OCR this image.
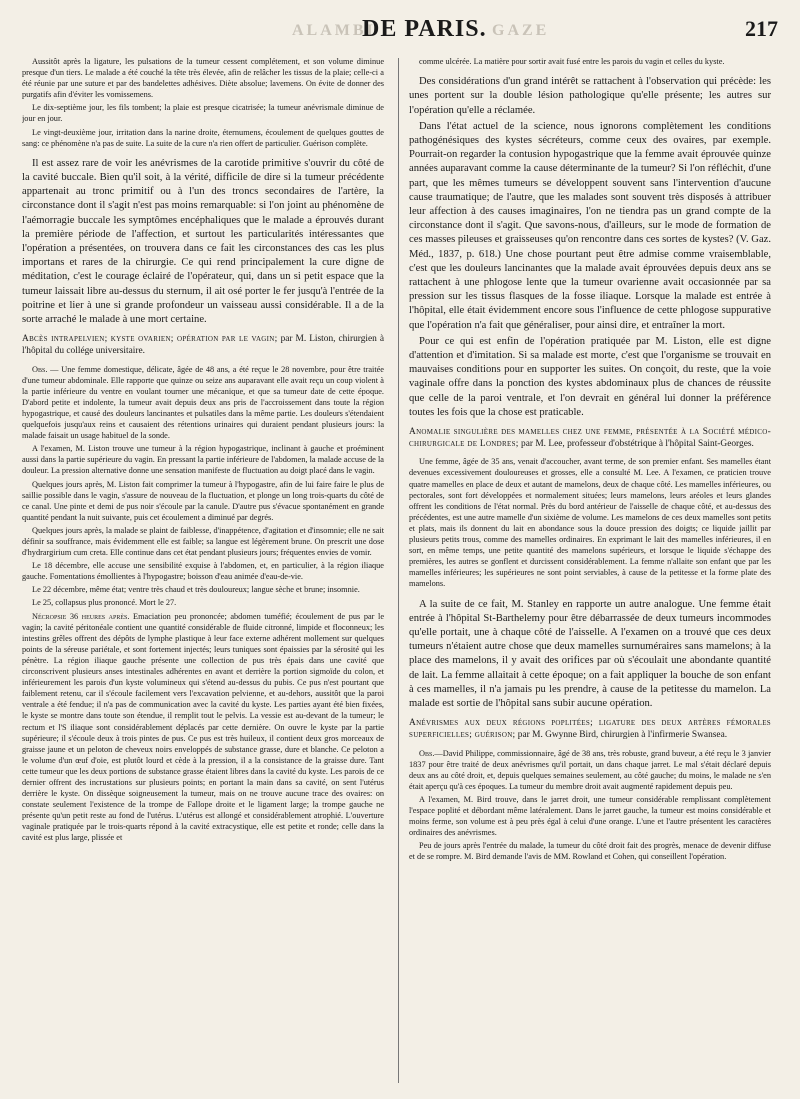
ALAMBI
DE PARIS. GAZE	217

Aussitôt après la ligature, les pulsations de la tumeur cessent complétement, et son volume diminue presque d'un tiers. Le malade a été couché la tête très élevée, afin de relâcher les tissus de la plaie; celle-ci a été réunie par une suture et par des bandelettes adhésives. Diète absolue; lavemens. On évite de donner des purgatifs afin d'éviter les vomissemens.

Le dix-septième jour, les fils tombent; la plaie est presque cicatrisée; la tumeur anévrismale diminue de jour en jour.

Le vingt-deuxième jour, irritation dans la narine droite, éternumens, écoulement de quelques gouttes de sang: ce phénomène n'a pas de suite. La suite de la cure n'a rien offert de particulier. Guérison complète.

Il est assez rare de voir les anévrismes de la carotide primitive s'ouvrir du côté de la cavité buccale. Bien qu'il soit, à la vérité, difficile de dire si la tumeur précédente appartenait au tronc primitif ou à l'un des troncs secondaires de l'artère, la circonstance dont il s'agit n'est pas moins remarquable: si l'on joint au phénomène de l'aémorragie buccale les symptômes encéphaliques que le malade a éprouvés durant la première période de l'affection, et surtout les particularités intéressantes que l'opération a présentées, on trouvera dans ce fait les circonstances des cas les plus importans et rares de la chirurgie. Ce qui rend principalement la cure digne de méditation, c'est le courage éclairé de l'opérateur, qui, dans un si petit espace que la tumeur laissait libre au-dessus du sternum, il ait osé porter le fer jusqu'à l'entrée de la poitrine et lier à une si grande profondeur un vaisseau aussi considérable. Il a de la sorte arraché le malade à une mort certaine.

Abcès intrapelvien; kyste ovarien; opération par le vagin; par M. Liston, chirurgien à l'hôpital du collége universitaire.

Obs. — Une femme domestique, délicate, âgée de 48 ans, a été reçue le 28 novembre, pour être traitée d'une tumeur abdominale. Elle rapporte que quinze ou seize ans auparavant elle avait reçu un coup violent à la partie inférieure du ventre en voulant tourner une mécanique, et que sa tumeur date de cette époque. D'abord petite et indolente, la tumeur avait depuis deux ans pris de l'accroissement dans toute la région hypogastrique, et causé des douleurs lancinantes et pulsatiles dans la même partie. Les douleurs s'étendaient quelquefois jusqu'aux reins et causaient des rétentions urinaires qui duraient pendant plusieurs jours: la malade faisait un usage habituel de la sonde.

A l'examen, M. Liston trouve une tumeur à la région hypogastrique, inclinant à gauche et proéminent aussi dans la partie supérieure du vagin. En pressant la partie inférieure de l'abdomen, la malade accuse de la douleur. La pression alternative donne une sensation manifeste de fluctuation au doigt placé dans le vagin.

Quelques jours après, M. Liston fait comprimer la tumeur à l'hypogastre, afin de lui faire faire le plus de saillie possible dans le vagin, s'assure de nouveau de la fluctuation, et plonge un long trois-quarts du côté de ce canal. Une pinte et demi de pus noir s'écoule par la canule. D'autre pus s'évacue spontanément en grande quantité pendant la nuit suivante, puis cet écoulement a diminué par degrés.

Quelques jours après, la malade se plaint de faiblesse, d'inappétence, d'agitation et d'insomnie; elle ne sait définir sa souffrance, mais évidemment elle est faible; sa langue est légèrement brune. On prescrit une dose d'hydrargirium cum creta. Elle continue dans cet état pendant plusieurs jours; fréquentes envies de vomir.

Le 18 décembre, elle accuse une sensibilité exquise à l'abdomen, et, en particulier, à la région iliaque gauche. Fomentations émollientes à l'hypogastre; boisson d'eau animée d'eau-de-vie.

Le 22 décembre, même état; ventre très chaud et très douloureux; langue sèche et brune; insomnie.

Le 25, collapsus plus prononcé. Mort le 27.

Nécropsie 36 heures après. Emaciation peu prononcée; abdomen tuméfié; écoulement de pus par le vagin; la cavité péritonéale contient une quantité considérable de fluide citronné, limpide et floconneux; les intestins grêles offrent des dépôts de lymphe plastique à leur face externe adhérent mollement sur quelques points de la séreuse pariétale, et sont fortement injectés; leurs tuniques sont épaissies par la sérosité qui les pénètre. La région iliaque gauche présente une collection de pus très épais dans une cavité que circonscrivent plusieurs anses intestinales adhérentes en avant et derrière la portion sigmoïde du colon, et inférieurement les parois d'un kyste volumineux qui s'étend au-dessus du pubis. Ce pus n'est pourtant que faiblement retenu, car il s'écoule facilement vers l'excavation pelvienne, et au-dehors, aussitôt que la paroi ventrale a été fendue; il n'a pas de communication avec la cavité du kyste. Les parties ayant été bien fixées, le kyste se montre dans toute son étendue, il remplit tout le pelvis. La vessie est au-devant de la tumeur; le rectum et l'S iliaque sont considérablement déplacés par cette dernière. On ouvre le kyste par la partie supérieure; il s'écoule deux à trois pintes de pus. Ce pus est très huileux, il contient deux gros morceaux de graisse jaune et un peloton de cheveux noirs enveloppés de substance grasse, dure et blanche. Ce peloton a le volume d'un œuf d'oie, est plutôt lourd et cède à la pression, il a la consistance de la graisse dure. Tant cette tumeur que les deux portions de substance grasse étaient libres dans la cavité du kyste. Les parois de ce dernier offrent des incrustations sur plusieurs points; en portant la main dans sa cavité, on sent l'utérus derrière le kyste. On dissèque soigneusement la tumeur, mais on ne trouve aucune trace des ovaires: on constate seulement l'existence de la trompe de Fallope droite et le ligament large; la trompe gauche ne présente qu'un petit reste au fond de l'utérus. L'utérus est allongé et considérablement atrophié. L'ouverture vaginale pratiquée par le trois-quarts répond à la cavité extracystique, elle est petite et ronde; celle dans la cavité est plus large, plissée et

comme ulcérée. La matière pour sortir avait fusé entre les parois du vagin et celles du kyste.

Des considérations d'un grand intérêt se rattachent à l'observation qui précède: les unes portent sur la double lésion pathologique qu'elle présente; les autres sur l'opération qu'elle a réclamée.

Dans l'état actuel de la science, nous ignorons complètement les conditions pathogénésiques des kystes sécréteurs, comme ceux des ovaires, par exemple. Pourrait-on regarder la contusion hypogastrique que la femme avait éprouvée quinze années auparavant comme la cause déterminante de la tumeur? Si l'on réfléchit, d'une part, que les mêmes tumeurs se développent souvent sans l'intervention d'aucune cause traumatique; de l'autre, que les malades sont souvent très disposés à attribuer leur affection à des causes imaginaires, l'on ne tiendra pas un grand compte de la circonstance dont il s'agit. Que savons-nous, d'ailleurs, sur le mode de formation de ces masses pileuses et graisseuses qu'on rencontre dans ces sortes de kystes? (V. Gaz. Méd., 1837, p. 618.) Une chose pourtant peut être admise comme vraisemblable, c'est que les douleurs lancinantes que la malade avait éprouvées depuis deux ans se rattachent à une phlogose lente que la tumeur ovarienne avait occasionnée par sa pression sur les tissus flasques de la fosse iliaque. Lorsque la malade est entrée à l'hôpital, elle était évidemment encore sous l'influence de cette phlogose suppurative que l'opération n'a fait que généraliser, pour ainsi dire, et entraîner la mort.

Pour ce qui est enfin de l'opération pratiquée par M. Liston, elle est digne d'attention et d'imitation. Si sa malade est morte, c'est que l'organisme se trouvait en mauvaises conditions pour en supporter les suites. On conçoit, du reste, que la voie vaginale offre dans la ponction des kystes abdominaux plus de chances de réussite que celle de la paroi ventrale, et l'on devrait en général lui donner la préférence toutes les fois que la chose est praticable.

Anomalie singulière des mamelles chez une femme, présentée à la Société médico-chirurgicale de Londres; par M. Lee, professeur d'obstétrique à l'hôpital Saint-Georges.

Une femme, âgée de 35 ans, venait d'accoucher, avant terme, de son premier enfant. Ses mamelles étant devenues excessivement douloureuses et grosses, elle a consulté M. Lee. A l'examen, ce praticien trouve quatre mamelles en place de deux et autant de mamelons, deux de chaque côté. Les mamelles inférieures, ou pectorales, sont fort développées et normalement situées; leurs mamelons, leurs aréoles et leurs glandes offrent les conditions de l'état normal. Près du bord antérieur de l'aisselle de chaque côté, et au-dessus des précédentes, est une autre mamelle d'un sixième de volume. Les mamelons de ces deux mamelles sont petits et plats, mais ils donnent du lait en abondance sous la douce pression des doigts; ce liquide jaillit par plusieurs petits trous, comme des mamelles ordinaires. En exprimant le lait des mamelles inférieures, il en sort, en même temps, une petite quantité des mamelons supérieurs, et lorsque le liquide s'échappe des premières, les autres se gonflent et durcissent considérablement. La femme n'allaite son enfant que par les mamelles inférieures; les supérieures ne sont point serviables, à cause de la petitesse et la forme plate des mamelons.

A la suite de ce fait, M. Stanley en rapporte un autre analogue. Une femme était entrée à l'hôpital St-Barthelemy pour être débarrassée de deux tumeurs incommodes qu'elle portait, une à chaque côté de l'aisselle. A l'examen on a trouvé que ces deux tumeurs n'étaient autre chose que deux mamelles surnuméraires sans mamelons; à la place des mamelons, il y avait des orifices par où s'écoulait une abondante quantité de lait. La femme allaitait à cette époque; on a fait appliquer la bouche de son enfant à ces mamelles, il n'a jamais pu les prendre, à cause de la petitesse du mamelon. La malade est sortie de l'hôpital sans subir aucune opération.

Anévrismes aux deux régions poplitées; ligature des deux artères fémorales superficielles; guérison; par M. Gwynne Bird, chirurgien à l'infirmerie Swansea.

Obs.—David Philippe, commissionnaire, âgé de 38 ans, très robuste, grand buveur, a été reçu le 3 janvier 1837 pour être traité de deux anévrismes qu'il portait, un dans chaque jarret. Le mal s'était déclaré depuis deux ans au côté droit, et, depuis quelques semaines seulement, au côté gauche; du moins, le malade ne s'en était aperçu qu'à ces époques. La tumeur du membre droit avait augmenté rapidement depuis peu.

A l'examen, M. Bird trouve, dans le jarret droit, une tumeur considérable remplissant complètement l'espace poplité et débordant même latéralement. Dans le jarret gauche, la tumeur est moins considérable et moins ferme, son volume est à peu près égal à celui d'une orange. L'une et l'autre présentent les caractères ordinaires des anévrismes.

Peu de jours après l'entrée du malade, la tumeur du côté droit fait des progrès, menace de devenir diffuse et de se rompre. M. Bird demande l'avis de MM. Rowland et Cohen, qui conseillent l'opération.
